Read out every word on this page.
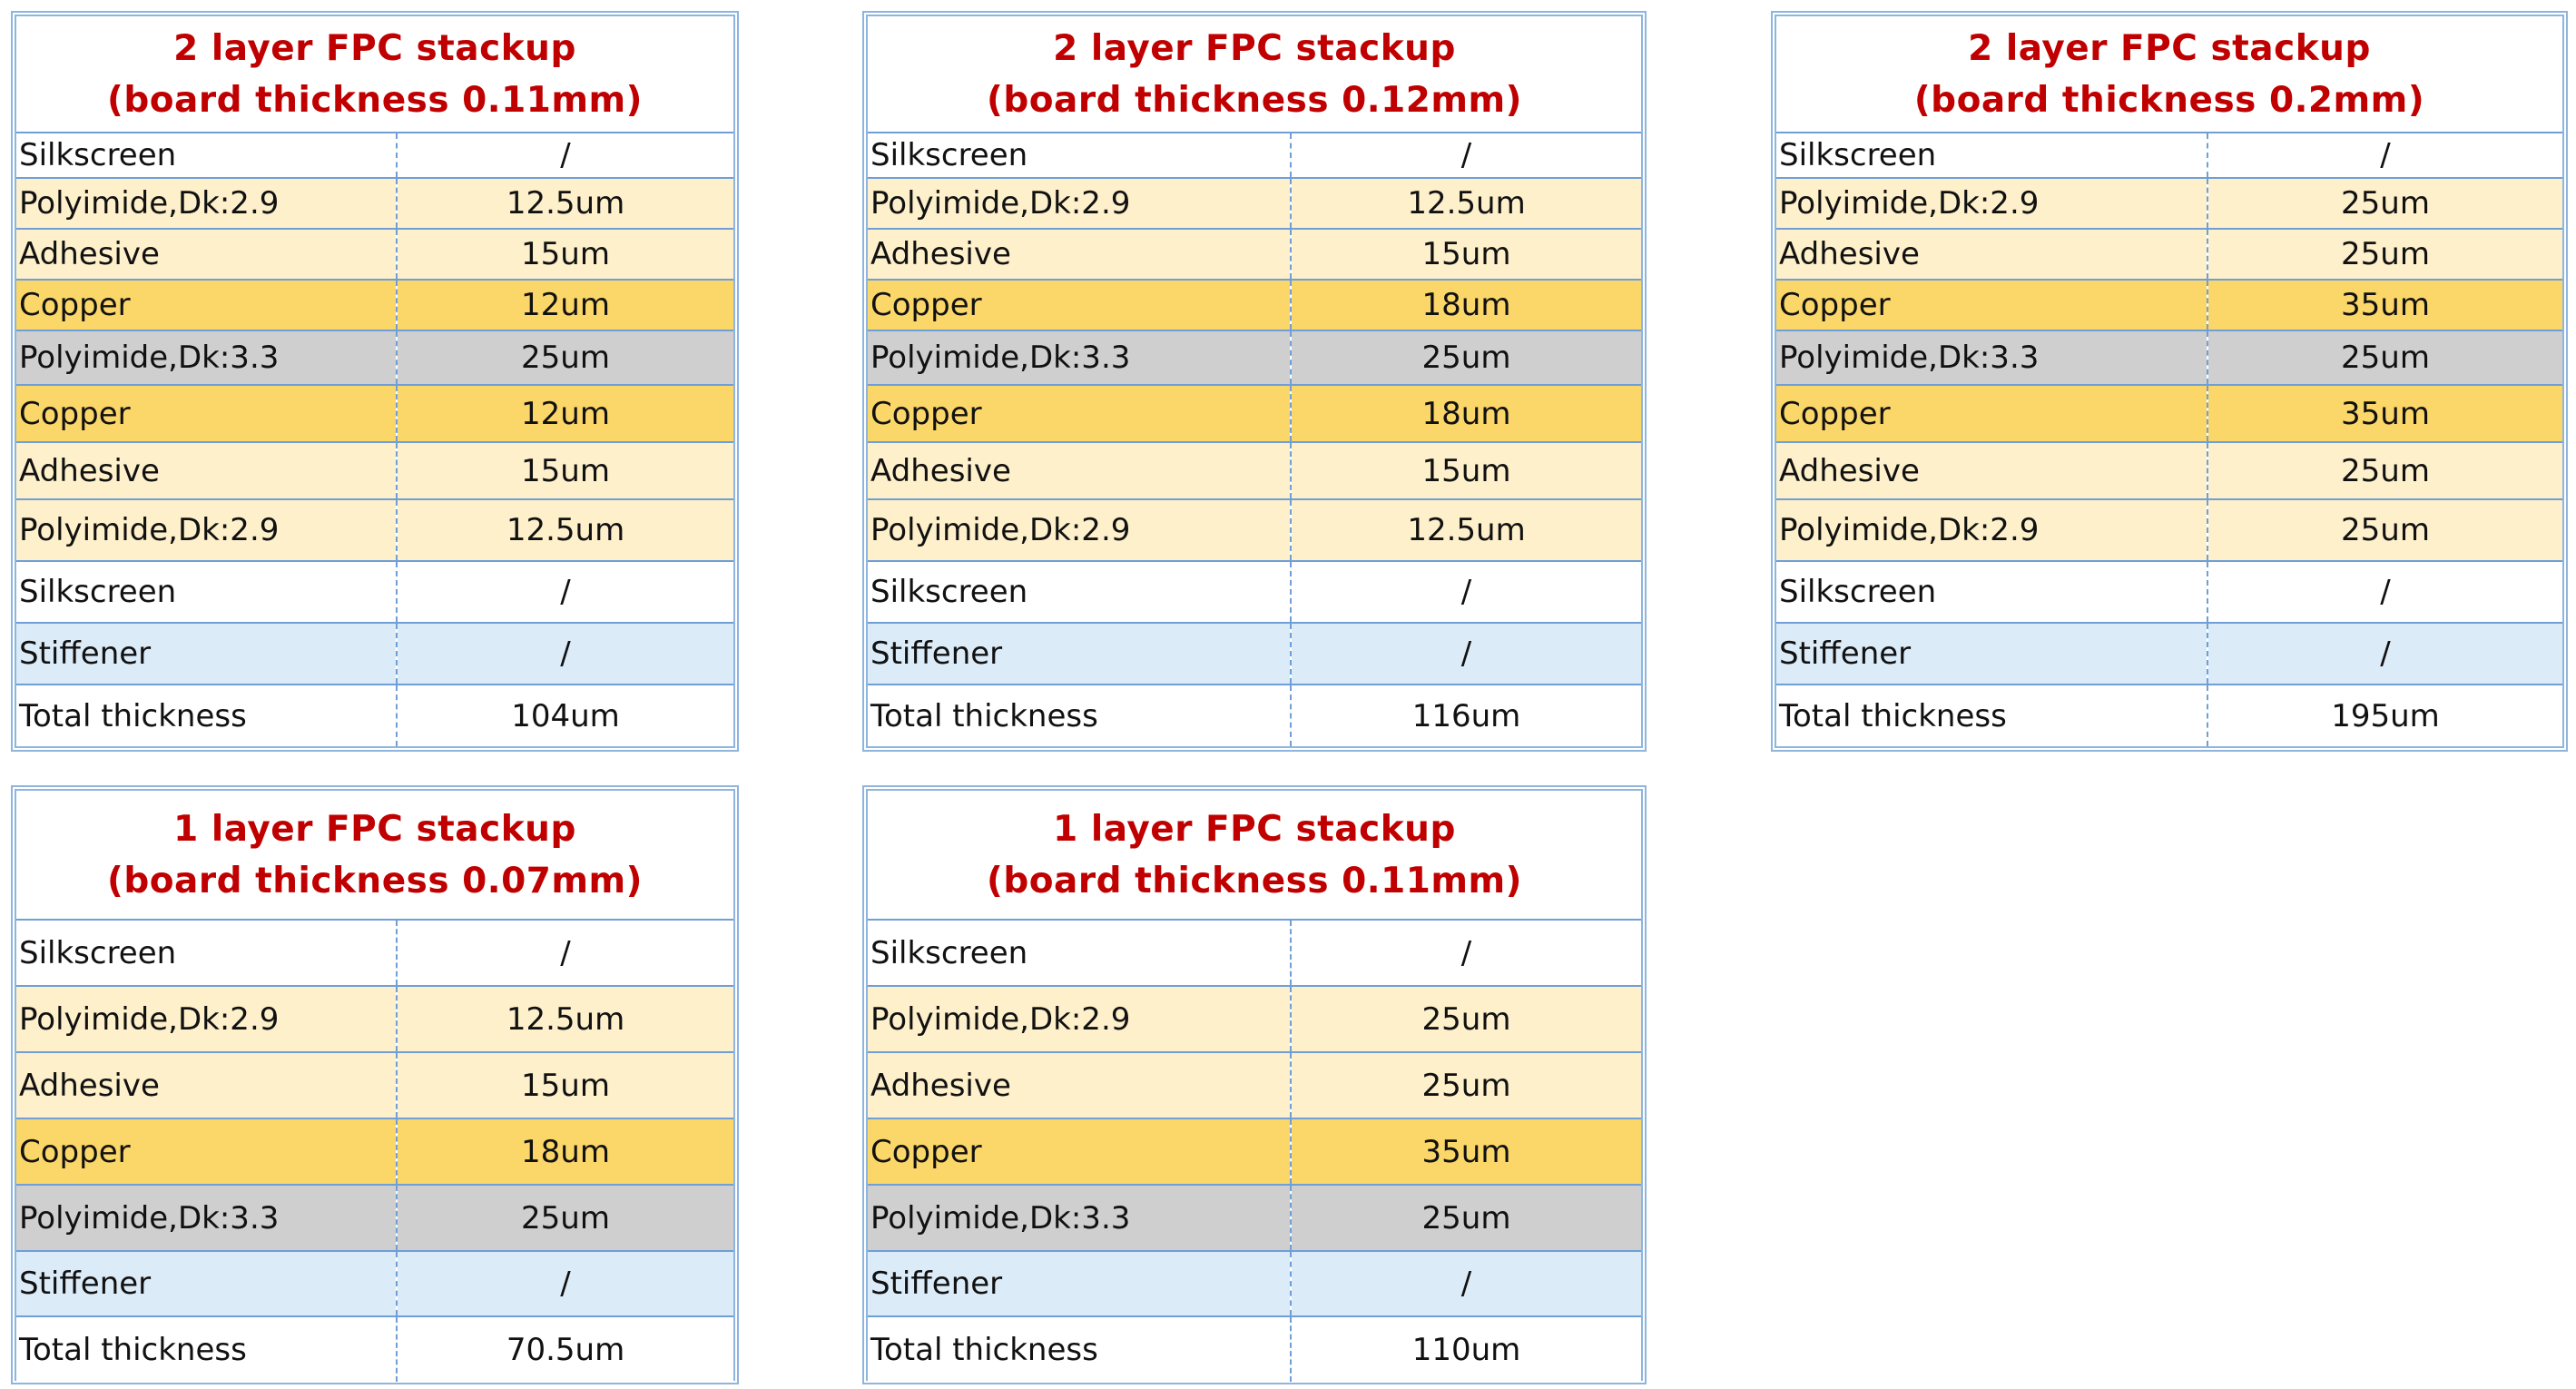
2 layer FPC stackup
(board thickness 0.11mm)	

Silkscreen	/
Polyimide,Dk:2.9	12.5um
Adhesive	15um
Copper	12um
Polyimide,Dk:3.3	25um
Copper	12um
Adhesive	15um
Polyimide,Dk:2.9	12.5um
Silkscreen	/
Stiffener	/
Total thickness	104um
2 layer FPC stackup
(board thickness 0.12mm)	

Silkscreen	/
Polyimide,Dk:2.9	12.5um
Adhesive	15um
Copper	18um
Polyimide,Dk:3.3	25um
Copper	18um
Adhesive	15um
Polyimide,Dk:2.9	12.5um
Silkscreen	/
Stiffener	/
Total thickness	116um
2 layer FPC stackup
(board thickness 0.2mm)	

Silkscreen	/
Polyimide,Dk:2.9	25um
Adhesive	25um
Copper	35um
Polyimide,Dk:3.3	25um
Copper	35um
Adhesive	25um
Polyimide,Dk:2.9	25um
Silkscreen	/
Stiffener	/
Total thickness	195um
1 layer FPC stackup
(board thickness 0.07mm)	

Silkscreen	/
Polyimide,Dk:2.9	12.5um
Adhesive	15um
Copper	18um
Polyimide,Dk:3.3	25um
Stiffener	/
Total thickness	70.5um
1 layer FPC stackup
(board thickness 0.11mm)	

Silkscreen	/
Polyimide,Dk:2.9	25um
Adhesive	25um
Copper	35um
Polyimide,Dk:3.3	25um
Stiffener	/
Total thickness	110um
